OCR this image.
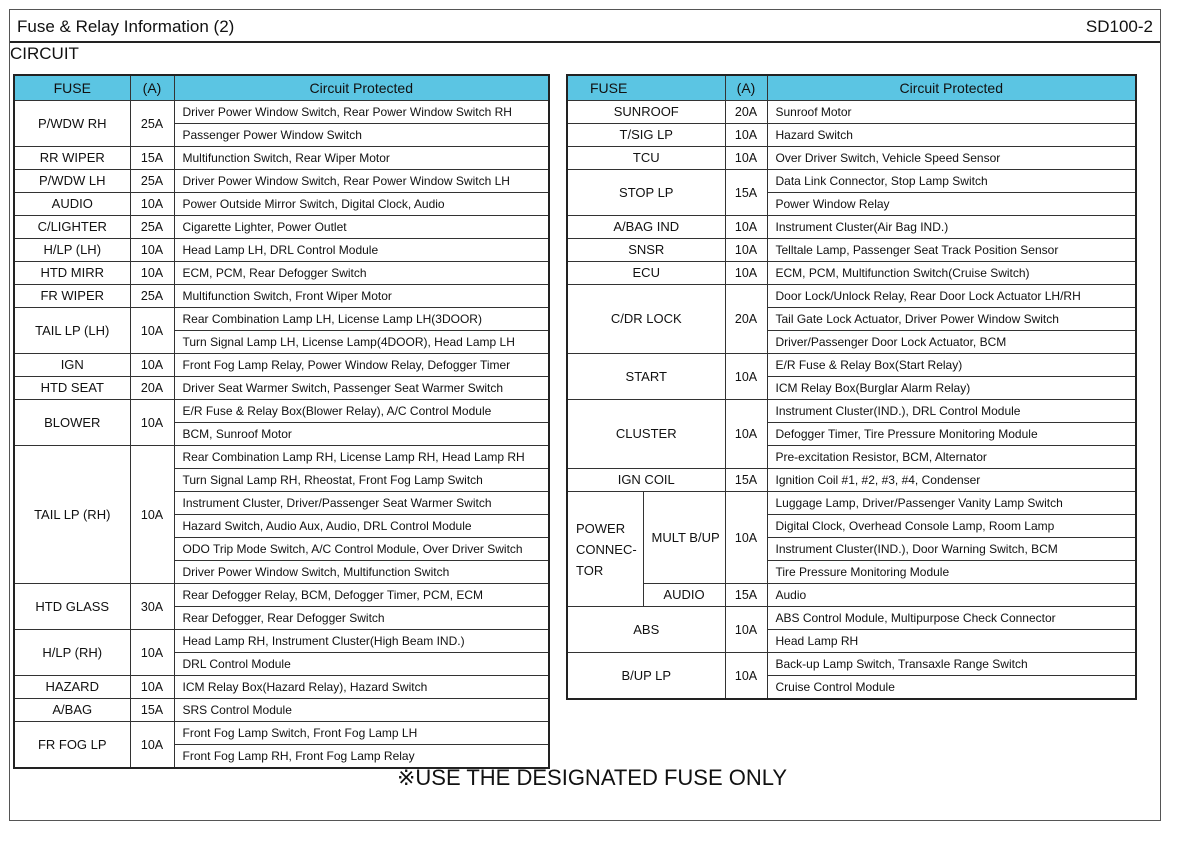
Fuse & Relay Information (2)	SD100-2
CIRCUIT
FUSE	(A)	Circuit Protected
P/WDW RH	25A	Driver Power Window Switch, Rear Power Window Switch RH
		Passenger Power Window Switch
RR WIPER	15A	Multifunction Switch, Rear Wiper Motor
P/WDW LH	25A	Driver Power Window Switch, Rear Power Window Switch LH
AUDIO	10A	Power Outside Mirror Switch, Digital Clock, Audio
C/LIGHTER	25A	Cigarette Lighter, Power Outlet
H/LP (LH)	10A	Head Lamp LH, DRL Control Module
HTD MIRR	10A	ECM, PCM, Rear Defogger Switch
FR WIPER	25A	Multifunction Switch, Front Wiper Motor
TAIL LP (LH)	10A	Rear Combination Lamp LH, License Lamp LH(3DOOR)
		Turn Signal Lamp LH, License Lamp(4DOOR), Head Lamp LH
IGN	10A	Front Fog Lamp Relay, Power Window Relay, Defogger Timer
HTD SEAT	20A	Driver Seat Warmer Switch, Passenger Seat Warmer Switch
BLOWER	10A	E/R Fuse & Relay Box(Blower Relay), A/C Control Module
		BCM, Sunroof Motor
TAIL LP (RH)	10A	Rear Combination Lamp RH, License Lamp RH, Head Lamp RH
		Turn Signal Lamp RH, Rheostat, Front Fog Lamp Switch
		Instrument Cluster, Driver/Passenger Seat Warmer Switch
		Hazard Switch, Audio Aux, Audio, DRL Control Module
		ODO Trip Mode Switch, A/C Control Module, Over Driver Switch
		Driver Power Window Switch, Multifunction Switch
HTD GLASS	30A	Rear Defogger Relay, BCM, Defogger Timer, PCM, ECM
		Rear Defogger, Rear Defogger Switch
H/LP (RH)	10A	Head Lamp RH, Instrument Cluster(High Beam IND.)
		DRL Control Module
HAZARD	10A	ICM Relay Box(Hazard Relay), Hazard Switch
A/BAG	15A	SRS Control Module
FR FOG LP	10A	Front Fog Lamp Switch, Front Fog Lamp LH
		Front Fog Lamp RH, Front Fog Lamp Relay
FUSE		(A)	Circuit Protected
SUNROOF		20A	Sunroof Motor
T/SIG LP		10A	Hazard Switch
TCU		10A	Over Driver Switch, Vehicle Speed Sensor
STOP LP		15A	Data Link Connector, Stop Lamp Switch
			Power Window Relay
A/BAG IND		10A	Instrument Cluster(Air Bag IND.)
SNSR		10A	Telltale Lamp, Passenger Seat Track Position Sensor
ECU		10A	ECM, PCM, Multifunction Switch(Cruise Switch)
C/DR LOCK		20A	Door Lock/Unlock Relay, Rear Door Lock Actuator LH/RH
			Tail Gate Lock Actuator, Driver Power Window Switch
			Driver/Passenger Door Lock Actuator, BCM
START		10A	E/R Fuse & Relay Box(Start Relay)
			ICM Relay Box(Burglar Alarm Relay)
CLUSTER		10A	Instrument Cluster(IND.), DRL Control Module
			Defogger Timer, Tire Pressure Monitoring Module
			Pre-excitation Resistor, BCM, Alternator
IGN COIL		15A	Ignition Coil #1, #2, #3, #4, Condenser

POWER
CONNEC-
TOR	MULT B/UP	10A	Luggage Lamp, Driver/Passenger Vanity Lamp Switch
			Digital Clock, Overhead Console Lamp, Room Lamp
			Instrument Cluster(IND.), Door Warning Switch, BCM
			Tire Pressure Monitoring Module
	AUDIO	15A	Audio
ABS		10A	ABS Control Module, Multipurpose Check Connector
			Head Lamp RH
B/UP LP		10A	Back-up Lamp Switch, Transaxle Range Switch
			Cruise Control Module
※USE THE DESIGNATED FUSE ONLY
